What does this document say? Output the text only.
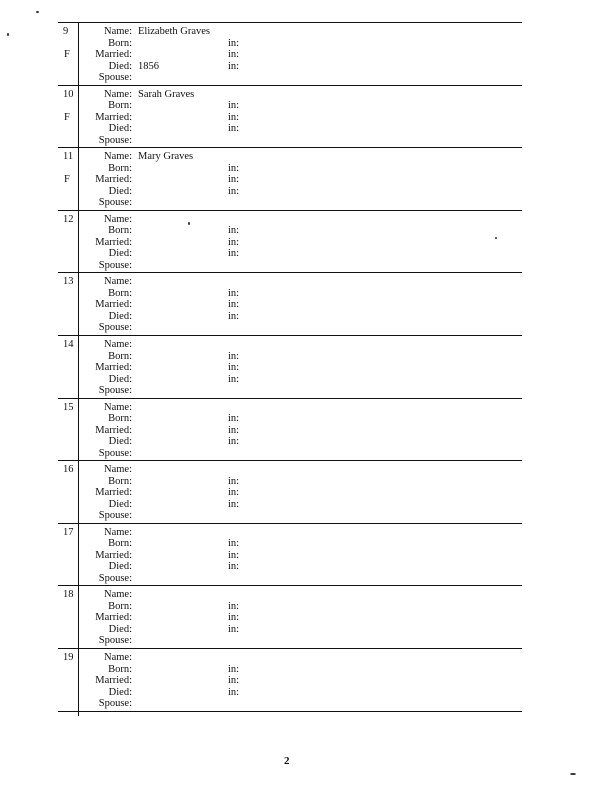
9
F
Name: Elizabeth Graves
Born:	in:
Married:	in:
Died: 1856	in:
Spouse:
10
F
Name: Sarah Graves
Born:	in:
Married:	in:
Died:	in:
Spouse:
11
F
Name: Mary Graves
Born:	in:
Married:	in:
Died:	in:
Spouse:
12	Name:
Born:	in:
Married:	in:
Died:	in:
Spouse:
13	Name:
Born:	in:
Married:	in:
Died:	in:
Spouse:
14	Name:
Born:	in:
Married:	in:
Died:	in:
Spouse:
15	Name:
Born:	in:
Married:	in:
Died:	in:
Spouse:
16	Name:
Born:	in:
Married:	in:
Died:	in:
Spouse:
17	Name:
Born:	in:
Married:	in:
Died:	in:
Spouse:
18	Name:
Born:	in:
Married:	in:
Died:	in:
Spouse:
19	Name:
Born:	in:
Married:	in:
Died:	in:
Spouse:
2
